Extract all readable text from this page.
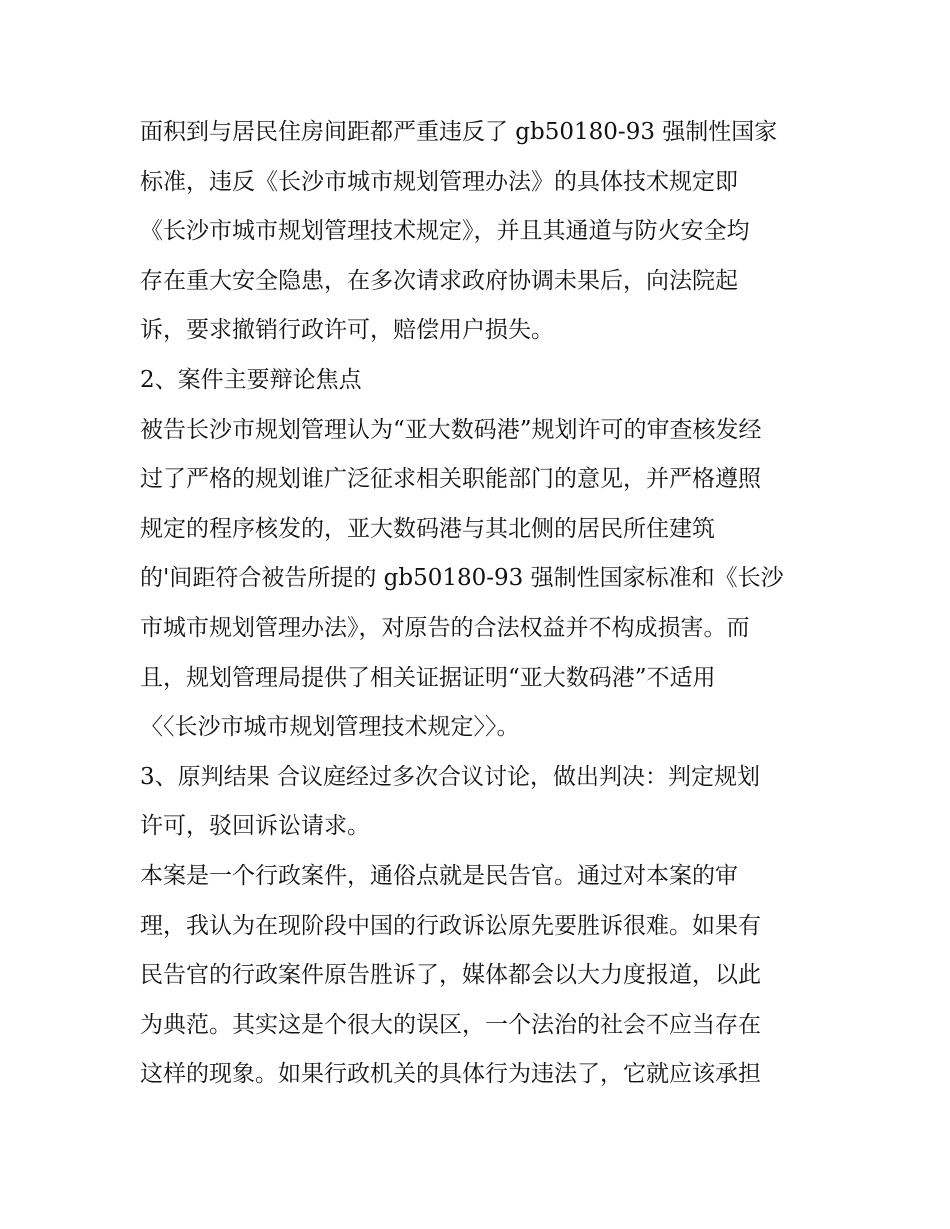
面积到与居民住房间距都严重违反了 gb50180-93 强制性国家
标准，违反《长沙市城市规划管理办法》的具体技术规定即
《长沙市城市规划管理技术规定》，并且其通道与防火安全均
存在重大安全隐患，在多次请求政府协调未果后，向法院起
诉，要求撤销行政许可，赔偿用户损失。
2、案件主要辩论焦点
被告长沙市规划管理认为“亚大数码港”规划许可的审查核发经
过了严格的规划谁广泛征求相关职能部门的意见，并严格遵照
规定的程序核发的，亚大数码港与其北侧的居民所住建筑
的'间距符合被告所提的 gb50180-93 强制性国家标准和《长沙
市城市规划管理办法》，对原告的合法权益并不构成损害。而
且，规划管理局提供了相关证据证明“亚大数码港”不适用
〈〈长沙市城市规划管理技术规定〉〉。
3、原判结果 合议庭经过多次合议讨论，做出判决：判定规划
许可，驳回诉讼请求。
本案是一个行政案件，通俗点就是民告官。通过对本案的审
理，我认为在现阶段中国的行政诉讼原先要胜诉很难。如果有
民告官的行政案件原告胜诉了，媒体都会以大力度报道，以此
为典范。其实这是个很大的误区，一个法治的社会不应当存在
这样的现象。如果行政机关的具体行为违法了，它就应该承担
